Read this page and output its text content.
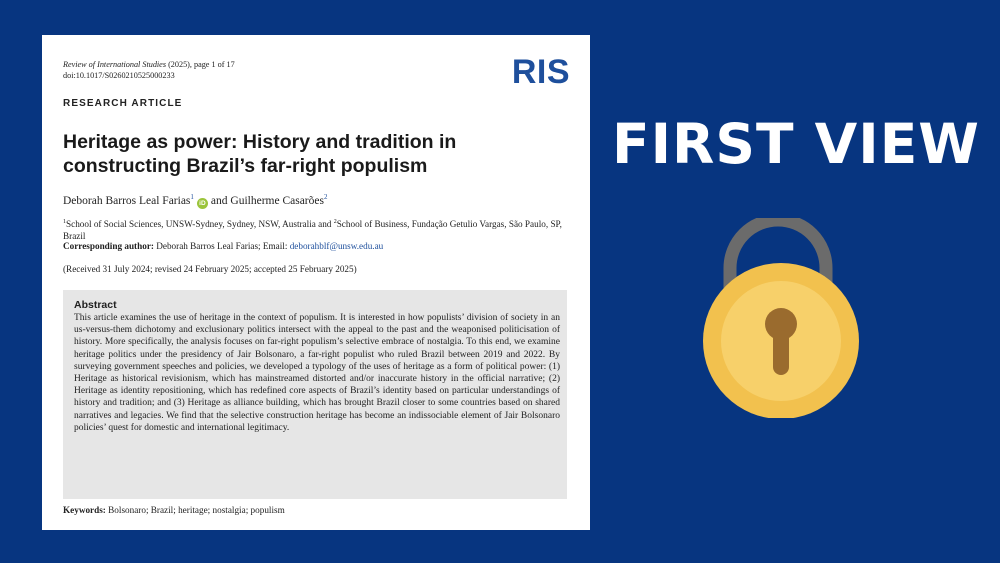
Review of International Studies (2025), page 1 of 17
doi:10.1017/S0260210525000233	RIS
RESEARCH ARTICLE
Heritage as power: History and tradition in constructing Brazil’s far-right populism
Deborah Barros Leal Farias$^1$iD and Guilherme Casarões$^2$
$^1$School of Social Sciences, UNSW-Sydney, Sydney, NSW, Australia and $^2$School of Business, Fundação Getulio Vargas, São Paulo, SP, Brazil
Corresponding author: Deborah Barros Leal Farias; Email: deborahblf@unsw.edu.au
(Received 31 July 2024; revised 24 February 2025; accepted 25 February 2025)
Abstract
This article examines the use of heritage in the context of populism. It is interested in how populists’ division of society in an us-versus-them dichotomy and exclusionary politics intersect with the appeal to the past and the weaponised politicisation of history. More specifically, the analysis focuses on far-right populism’s selective embrace of nostalgia. To this end, we examine heritage politics under the presidency of Jair Bolsonaro, a far-right populist who ruled Brazil between 2019 and 2022. By surveying government speeches and policies, we developed a typology of the uses of heritage as a form of political power: (1) Heritage as historical revisionism, which has mainstreamed distorted and/or inaccurate history in the official narrative; (2) Heritage as identity repositioning, which has redefined core aspects of Brazil’s identity based on particular understandings of history and tradition; and (3) Heritage as alliance building, which has brought Brazil closer to some countries based on shared narratives and legacies. We find that the selective construction heritage has become an indissociable element of Jair Bolsonaro policies’ quest for domestic and international legitimacy.
Keywords: Bolsonaro; Brazil; heritage; nostalgia; populism
FIRST VIEW
